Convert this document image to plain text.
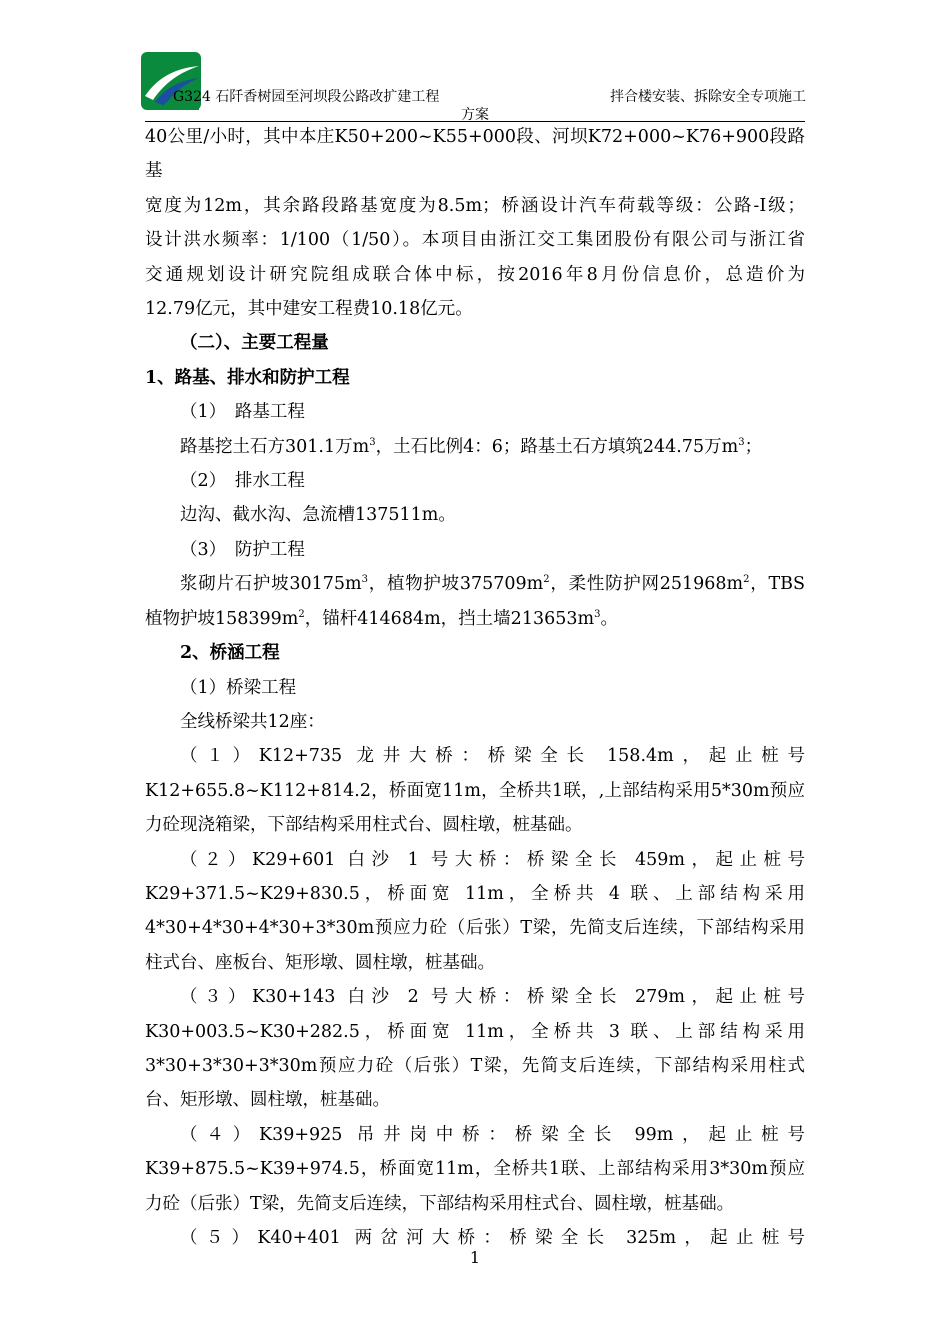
G324 石阡香树园至河坝段公路改扩建工程	拌合楼安装、拆除安全专项施工
方案

40公里/小时，其中本庄K50+200~K55+000段、河坝K72+000~K76+900段路基

宽度为12m，其余路段路基宽度为8.5m；桥涵设计汽车荷载等级：公路-I级；

设计洪水频率：1/100（1/50）。本项目由浙江交工集团股份有限公司与浙江省

交通规划设计研究院组成联合体中标，按2016年8月份信息价，总造价为

12.79亿元，其中建安工程费10.18亿元。

（二）、主要工程量

1、路基、排水和防护工程

（1）　路基工程

路基挖土石方301.1万$m^3$，土石比例4：6；路基土石方填筑244.75万$m^3$；

（2）　排水工程

边沟、截水沟、急流槽137511m。

（3）　防护工程

浆砌片石护坡$30175m^3$，植物护坡$375709m^2$，柔性防护网$251968m^2$，TBS

植物护坡$158399m^2$，锚杆414684m，挡土墙$213653m^3$。

2、桥涵工程

（1）桥梁工程

全线桥梁共12座：

（１）K12+735 龙井大桥：桥梁全长 158.4m，起止桩号

K12+655.8~K112+814.2，桥面宽11m，全桥共1联，,上部结构采用5*30m预应

力砼现浇箱梁，下部结构采用柱式台、圆柱墩，桩基础。

（２）K29+601 白沙 1 号大桥：桥梁全长 459m，起止桩号

K29+371.5~K29+830.5，桥面宽 11m，全桥共 4 联、上部结构采用

4*30+4*30+4*30+3*30m预应力砼（后张）T梁，先简支后连续，下部结构采用

柱式台、座板台、矩形墩、圆柱墩，桩基础。

（３）K30+143 白沙 2 号大桥：桥梁全长 279m，起止桩号

K30+003.5~K30+282.5，桥面宽 11m，全桥共 3 联、上部结构采用

3*30+3*30+3*30m预应力砼（后张）T梁，先简支后连续，下部结构采用柱式

台、矩形墩、圆柱墩，桩基础。

（４）K39+925 吊井岗中桥：桥梁全长 99m，起止桩号

K39+875.5~K39+974.5，桥面宽11m，全桥共1联、上部结构采用3*30m预应

力砼（后张）T梁，先简支后连续，下部结构采用柱式台、圆柱墩，桩基础。

（５）K40+401 两岔河大桥：桥梁全长 325m，起止桩号

1
